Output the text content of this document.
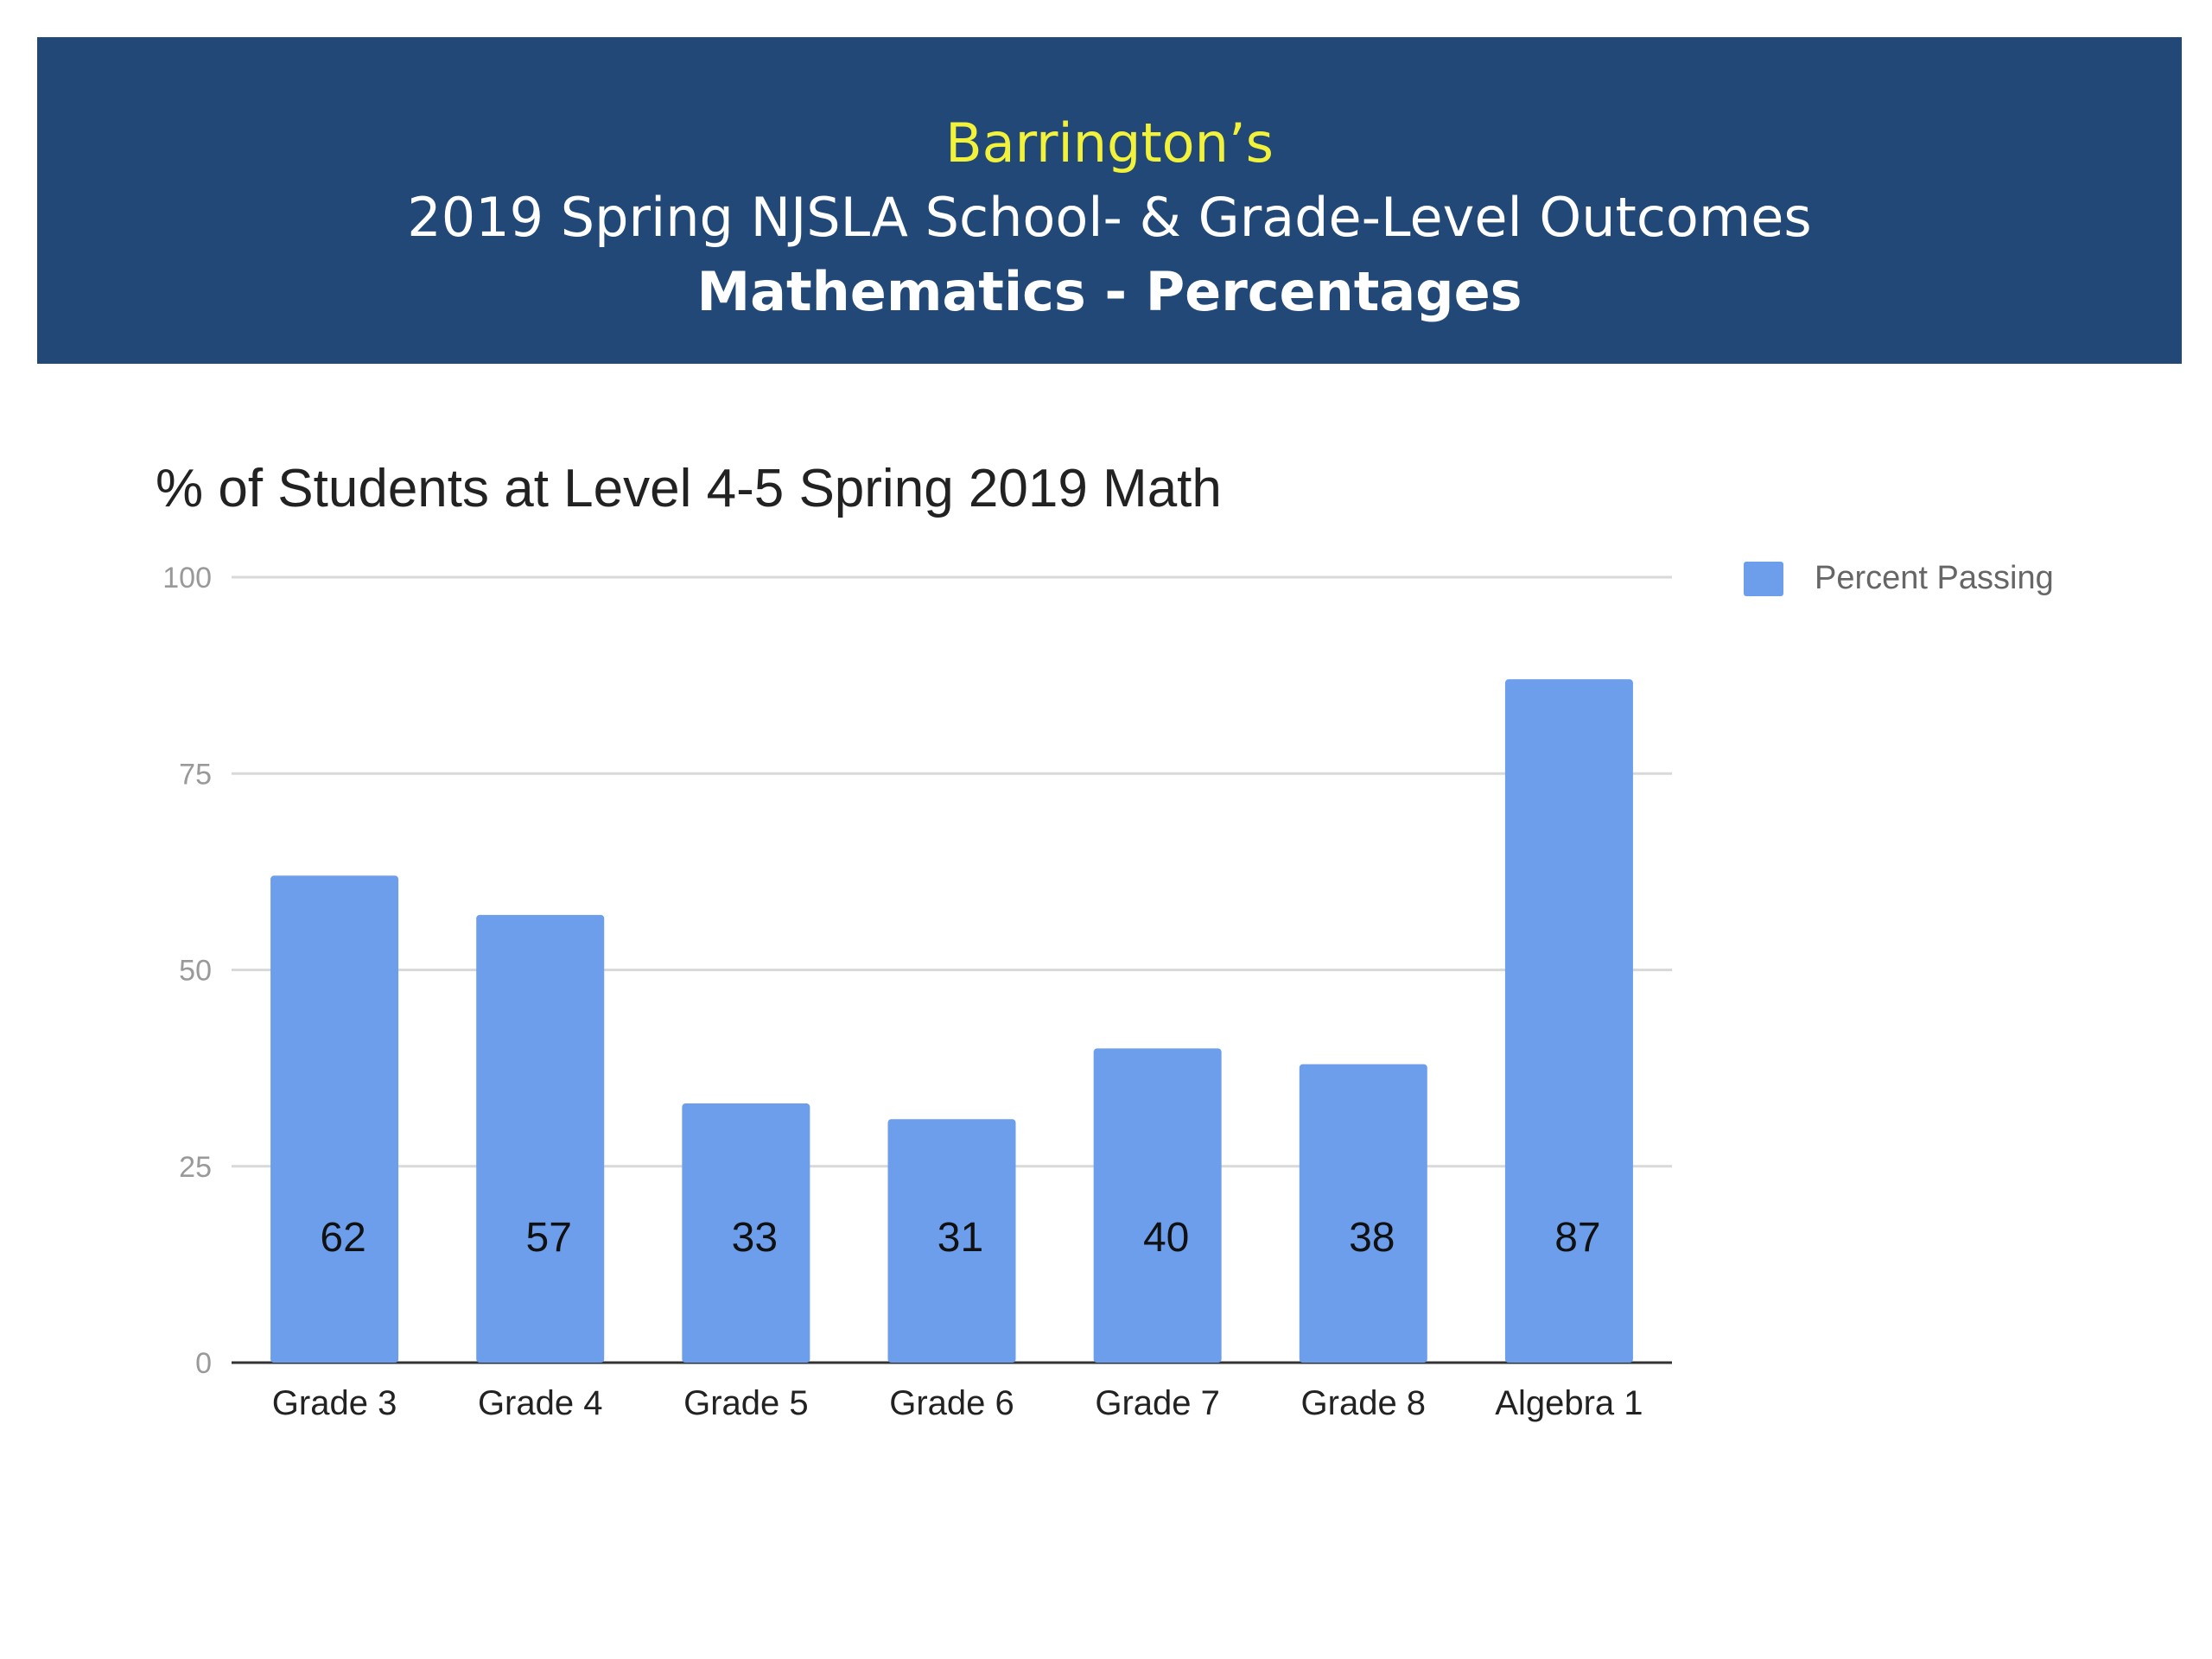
Barrington’s
2019 Spring NJSLA School- & Grade-Level Outcomes
Mathematics - Percentages
% of Students at Level 4-5 Spring 2019 Math
0
25
50
75
100
62
Grade 3
57
Grade 4
33
Grade 5
31
Grade 6
40
Grade 7
38
Grade 8
87
Algebra 1
Percent Passing
